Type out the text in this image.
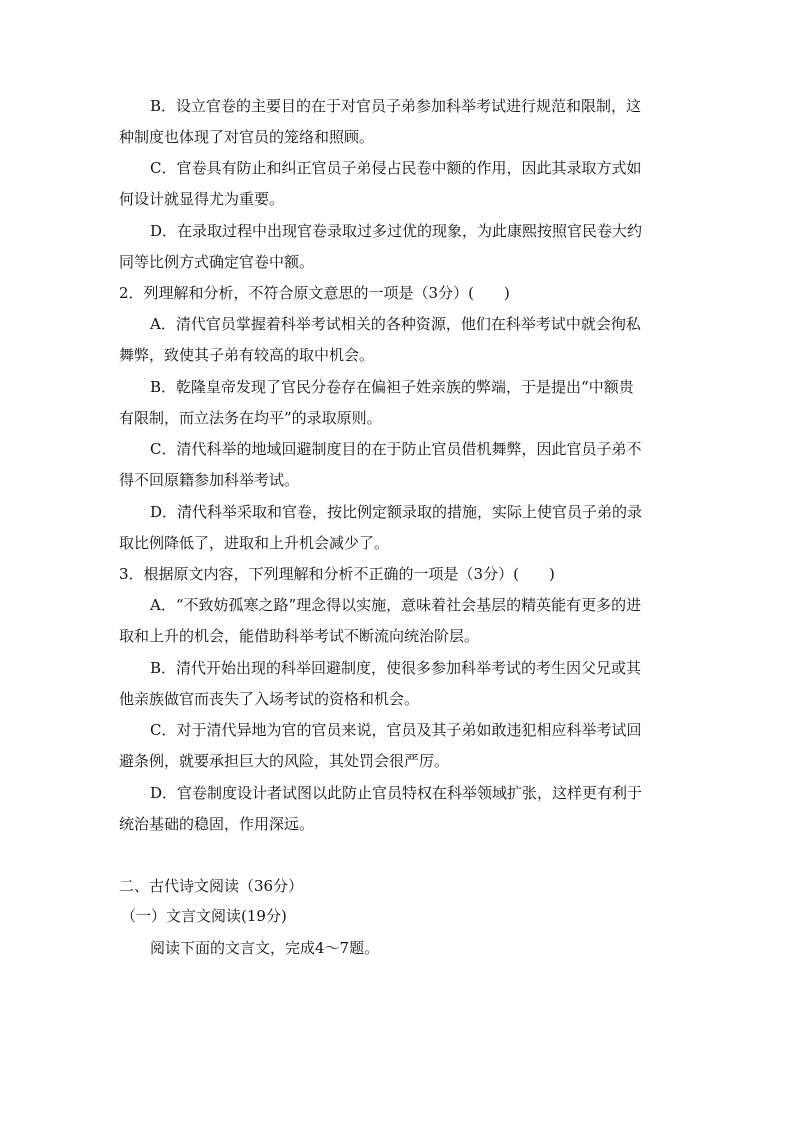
B．设立官卷的主要目的在于对官员子弟参加科举考试进行规范和限制，这
种制度也体现了对官员的笼络和照顾。
C．官卷具有防止和纠正官员子弟侵占民卷中额的作用，因此其录取方式如
何设计就显得尤为重要。
D．在录取过程中出现官卷录取过多过优的现象，为此康熙按照官民卷大约
同等比例方式确定官卷中额。
2．列理解和分析，不符合原文意思的一项是（3分）(　　)
A．清代官员掌握着科举考试相关的各种资源，他们在科举考试中就会徇私
舞弊，致使其子弟有较高的取中机会。
B．乾隆皇帝发现了官民分卷存在偏袒子姓亲族的弊端，于是提出“中额贵
有限制，而立法务在均平”的录取原则。
C．清代科举的地域回避制度目的在于防止官员借机舞弊，因此官员子弟不
得不回原籍参加科举考试。
D．清代科举采取和官卷，按比例定额录取的措施，实际上使官员子弟的录
取比例降低了，进取和上升机会减少了。
3．根据原文内容，下列理解和分析不正确的一项是（3分）(　　)
A．“不致妨孤寒之路”理念得以实施，意味着社会基层的精英能有更多的进
取和上升的机会，能借助科举考试不断流向统治阶层。
B．清代开始出现的科举回避制度，使很多参加科举考试的考生因父兄或其
他亲族做官而丧失了入场考试的资格和机会。
C．对于清代异地为官的官员来说，官员及其子弟如敢违犯相应科举考试回
避条例，就要承担巨大的风险，其处罚会很严厉。
D．官卷制度设计者试图以此防止官员特权在科举领域扩张，这样更有利于
统治基础的稳固，作用深远。
二、古代诗文阅读（36分）
（一）文言文阅读(19分)
阅读下面的文言文，完成4～7题。
